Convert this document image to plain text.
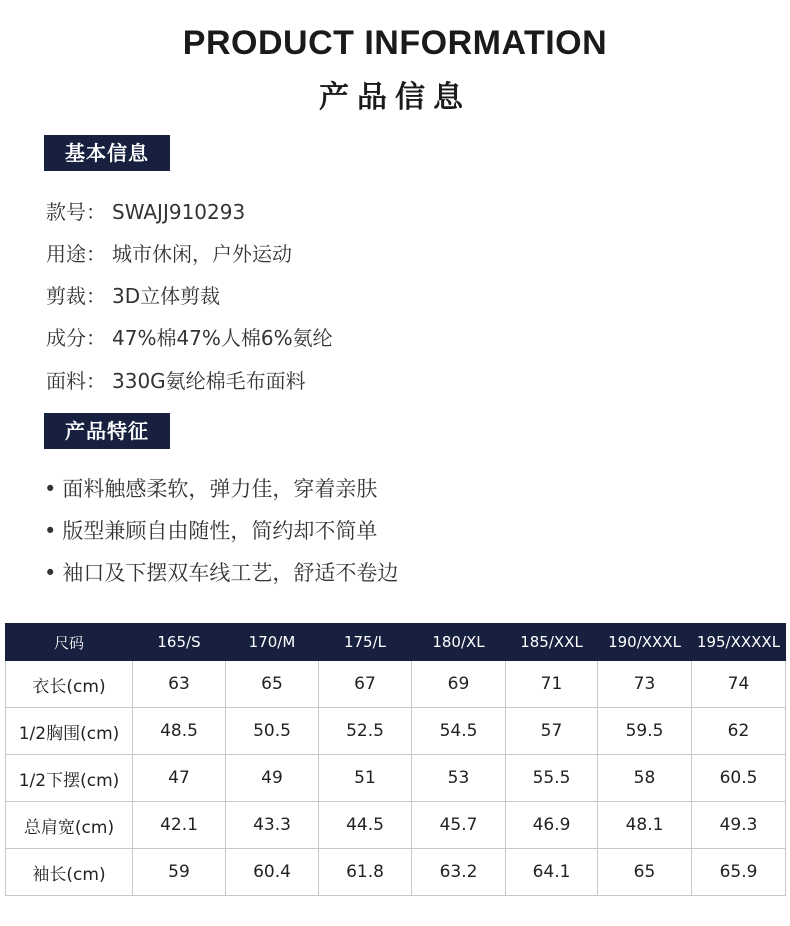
PRODUCT INFORMATION
产品信息
基本信息
款号： SWAJJ910293
用途： 城市休闲，户外运动
剪裁： 3D立体剪裁
成分： 47%棉47%人棉6%氨纶
面料： 330G氨纶棉毛布面料
产品特征
• 面料触感柔软，弹力佳，穿着亲肤
• 版型兼顾自由随性，简约却不简单
• 袖口及下摆双车线工艺，舒适不卷边
尺码	165/S	170/M	175/L	180/XL	185/XXL	190/XXXL	195/XXXXL
衣长(cm)	63	65	67	69	71	73	74
1/2胸围(cm)	48.5	50.5	52.5	54.5	57	59.5	62
1/2下摆(cm)	47	49	51	53	55.5	58	60.5
总肩宽(cm)	42.1	43.3	44.5	45.7	46.9	48.1	49.3
袖长(cm)	59	60.4	61.8	63.2	64.1	65	65.9
